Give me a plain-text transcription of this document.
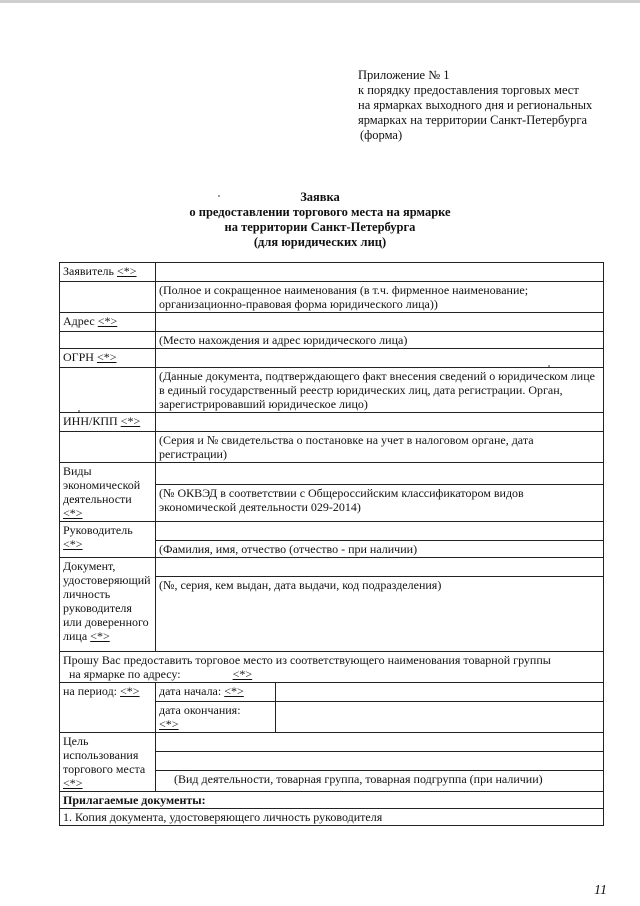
Приложение № 1
к порядку предоставления торговых мест
на ярмарках выходного дня и региональных
ярмарках на территории Санкт-Петербурга
(форма)
Заявка
о предоставлении торгового места на ярмарке
на территории Санкт-Петербурга
(для юридических лиц)
Заявитель <*>		
	(Полное и сокращенное наименования (в т.ч. фирменное наименование; организационно-правовая форма юридического лица))	
Адрес <*>		
	(Место нахождения и адрес юридического лица)	
ОГРН <*>		
	(Данные документа, подтверждающего факт внесения сведений о юридическом лице в единый государственный реестр юридических лиц, дата регистрации. Орган, зарегистрировавший юридическое лицо)	
ИНН/КПП <*>		
	(Серия и № свидетельства о постановке на учет в налоговом органе, дата регистрации)	
Виды экономической деятельности <*>		
	(№ ОКВЭД в соответствии с Общероссийским классификатором видов экономической деятельности 029-2014)	
Руководитель <*>		
	(Фамилия, имя, отчество (отчество - при наличии)	
Документ, удостоверяющий личность руководителя или доверенного лица <*>		
	(№, серия, кем выдан, дата выдачи, код подразделения)	

Прошу Вас предоставить торговое место из соответствующего наименования товарной группы
на ярмарке по адресу: <*>		

на период: <*>	дата начала: <*>	

	дата окончания:
<*>	
Цель использования торгового места <*>		

	(Вид деятельности, товарная группа, товарная подгруппа (при наличии)	
Прилагаемые документы:		
1. Копия документа, удостоверяющего личность руководителя		
11
